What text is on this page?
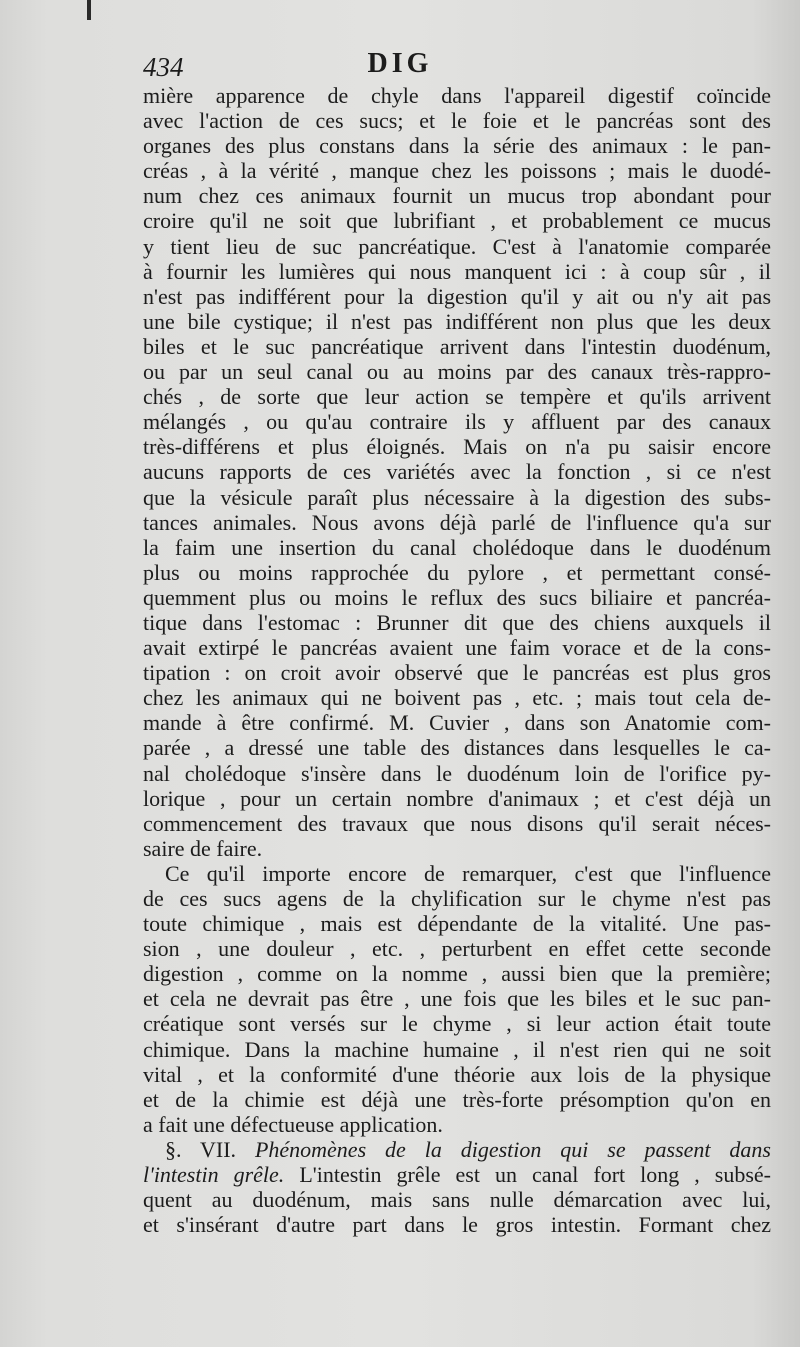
434	DIG
mière apparence de chyle dans l'appareil digestif coïncide
avec l'action de ces sucs; et le foie et le pancréas sont des
organes des plus constans dans la série des animaux : le pan-
créas , à la vérité , manque chez les poissons ; mais le duodé-
num chez ces animaux fournit un mucus trop abondant pour
croire qu'il ne soit que lubrifiant , et probablement ce mucus
y tient lieu de suc pancréatique. C'est à l'anatomie comparée
à fournir les lumières qui nous manquent ici : à coup sûr , il
n'est pas indifférent pour la digestion qu'il y ait ou n'y ait pas
une bile cystique; il n'est pas indifférent non plus que les deux
biles et le suc pancréatique arrivent dans l'intestin duodénum,
ou par un seul canal ou au moins par des canaux très-rappro-
chés , de sorte que leur action se tempère et qu'ils arrivent
mélangés , ou qu'au contraire ils y affluent par des canaux
très-différens et plus éloignés. Mais on n'a pu saisir encore
aucuns rapports de ces variétés avec la fonction , si ce n'est
que la vésicule paraît plus nécessaire à la digestion des subs-
tances animales. Nous avons déjà parlé de l'influence qu'a sur
la faim une insertion du canal cholédoque dans le duodénum
plus ou moins rapprochée du pylore , et permettant consé-
quemment plus ou moins le reflux des sucs biliaire et pancréa-
tique dans l'estomac : Brunner dit que des chiens auxquels il
avait extirpé le pancréas avaient une faim vorace et de la cons-
tipation : on croit avoir observé que le pancréas est plus gros
chez les animaux qui ne boivent pas , etc. ; mais tout cela de-
mande à être confirmé. M. Cuvier , dans son Anatomie com-
parée , a dressé une table des distances dans lesquelles le ca-
nal cholédoque s'insère dans le duodénum loin de l'orifice py-
lorique , pour un certain nombre d'animaux ; et c'est déjà un
commencement des travaux que nous disons qu'il serait néces-
saire de faire.
Ce qu'il importe encore de remarquer, c'est que l'influence
de ces sucs agens de la chylification sur le chyme n'est pas
toute chimique , mais est dépendante de la vitalité. Une pas-
sion , une douleur , etc. , perturbent en effet cette seconde
digestion , comme on la nomme , aussi bien que la première;
et cela ne devrait pas être , une fois que les biles et le suc pan-
créatique sont versés sur le chyme , si leur action était toute
chimique. Dans la machine humaine , il n'est rien qui ne soit
vital , et la conformité d'une théorie aux lois de la physique
et de la chimie est déjà une très-forte présomption qu'on en
a fait une défectueuse application.
§. VII. Phénomènes de la digestion qui se passent dans
l'intestin grêle. L'intestin grêle est un canal fort long , subsé-
quent au duodénum, mais sans nulle démarcation avec lui,
et s'insérant d'autre part dans le gros intestin. Formant chez
